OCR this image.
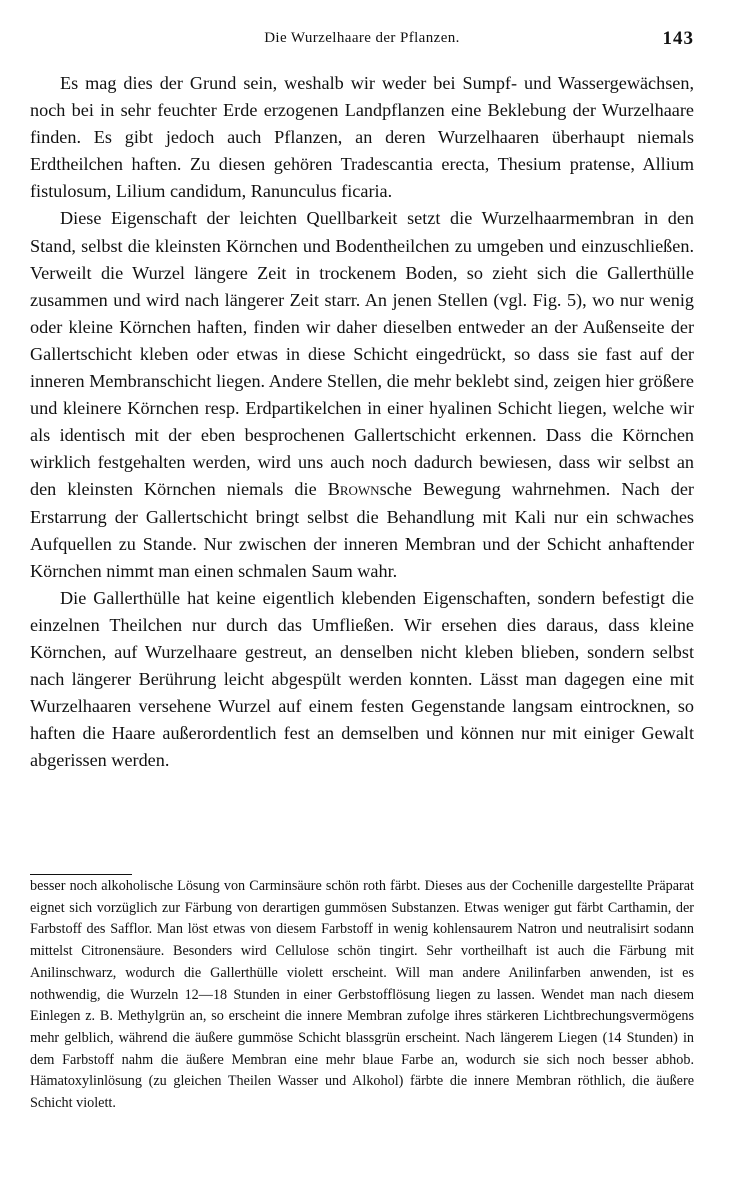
Die Wurzelhaare der Pflanzen.	143

Es mag dies der Grund sein, weshalb wir weder bei Sumpf- und Wassergewächsen, noch bei in sehr feuchter Erde erzogenen Landpflanzen eine Beklebung der Wurzelhaare finden. Es gibt jedoch auch Pflanzen, an deren Wurzelhaaren überhaupt niemals Erdtheilchen haften. Zu diesen gehören Tradescantia erecta, Thesium pratense, Allium fistulosum, Lilium candidum, Ranunculus ficaria.

Diese Eigenschaft der leichten Quellbarkeit setzt die Wurzelhaarmembran in den Stand, selbst die kleinsten Körnchen und Bodentheilchen zu umgeben und einzuschließen. Verweilt die Wurzel längere Zeit in trockenem Boden, so zieht sich die Gallerthülle zusammen und wird nach längerer Zeit starr. An jenen Stellen (vgl. Fig. 5), wo nur wenig oder kleine Körnchen haften, finden wir daher dieselben entweder an der Außenseite der Gallertschicht kleben oder etwas in diese Schicht eingedrückt, so dass sie fast auf der inneren Membranschicht liegen. Andere Stellen, die mehr beklebt sind, zeigen hier größere und kleinere Körnchen resp. Erdpartikelchen in einer hyalinen Schicht liegen, welche wir als identisch mit der eben besprochenen Gallertschicht erkennen. Dass die Körnchen wirklich festgehalten werden, wird uns auch noch dadurch bewiesen, dass wir selbst an den kleinsten Körnchen niemals die Brownsche Bewegung wahrnehmen. Nach der Erstarrung der Gallertschicht bringt selbst die Behandlung mit Kali nur ein schwaches Aufquellen zu Stande. Nur zwischen der inneren Membran und der Schicht anhaftender Körnchen nimmt man einen schmalen Saum wahr.

Die Gallerthülle hat keine eigentlich klebenden Eigenschaften, sondern befestigt die einzelnen Theilchen nur durch das Umfließen. Wir ersehen dies daraus, dass kleine Körnchen, auf Wurzelhaare gestreut, an denselben nicht kleben blieben, sondern selbst nach längerer Berührung leicht abgespült werden konnten. Lässt man dagegen eine mit Wurzelhaaren versehene Wurzel auf einem festen Gegenstande langsam eintrocknen, so haften die Haare außerordentlich fest an demselben und können nur mit einiger Gewalt abgerissen werden.

besser noch alkoholische Lösung von Carminsäure schön roth färbt. Dieses aus der Cochenille dargestellte Präparat eignet sich vorzüglich zur Färbung von derartigen gummösen Substanzen. Etwas weniger gut färbt Carthamin, der Farbstoff des Safflor. Man löst etwas von diesem Farbstoff in wenig kohlensaurem Natron und neutralisirt sodann mittelst Citronensäure. Besonders wird Cellulose schön tingirt. Sehr vortheilhaft ist auch die Färbung mit Anilinschwarz, wodurch die Gallerthülle violett erscheint. Will man andere Anilinfarben anwenden, ist es nothwendig, die Wurzeln 12—18 Stunden in einer Gerbstofflösung liegen zu lassen. Wendet man nach diesem Einlegen z. B. Methylgrün an, so erscheint die innere Membran zufolge ihres stärkeren Lichtbrechungsvermögens mehr gelblich, während die äußere gummöse Schicht blassgrün erscheint. Nach längerem Liegen (14 Stunden) in dem Farbstoff nahm die äußere Membran eine mehr blaue Farbe an, wodurch sie sich noch besser abhob. Hämatoxylinlösung (zu gleichen Theilen Wasser und Alkohol) färbte die innere Membran röthlich, die äußere Schicht violett.
